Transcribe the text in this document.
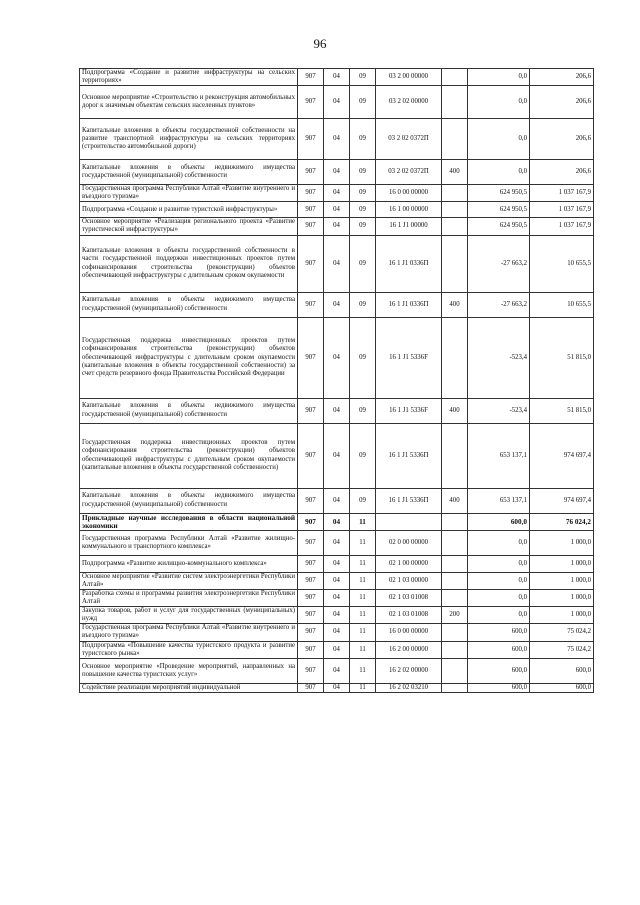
96
Подпрограмма «Создание и развитие инфраструктуры на сельских территориях»	907	04	09	03 2 00 00000		0,0	206,6
Основное мероприятие «Строительство и реконструкция автомобильных дорог к значимым объектам сельских населенных пунктов»	907	04	09	03 2 02 00000		0,0	206,6
Капитальные вложения в объекты государственной собственности на развитие транспортной инфраструктуры на сельских территориях (строительство автомобильной дороги)	907	04	09	03 2 02 0372П		0,0	206,6
Капитальные вложения в объекты недвижимого имущества государственной (муниципальной) собственности	907	04	09	03 2 02 0372П	400	0,0	206,6
Государственная программа Республики Алтай «Развитие внутреннего и въездного туризма»	907	04	09	16 0 00 00000		624 950,5	1 037 167,9
Подпрограмма «Создание и развитие туристской инфраструктуры»	907	04	09	16 1 00 00000		624 950,5	1 037 167,9
Основное мероприятие «Реализация регионального проекта «Развитие туристической инфраструктуры»	907	04	09	16 1 J1 00000		624 950,5	1 037 167,9
Капитальные вложения в объекты государственной собственности в части государственной поддержки инвестиционных проектов путем софинансирования строительства (реконструкции) объектов обеспечивающей инфраструктуры с длительным сроком окупаемости	907	04	09	16 1 J1 0336П		-27 663,2	10 655,5
Капитальные вложения в объекты недвижимого имущества государственной (муниципальной) собственности	907	04	09	16 1 J1 0336П	400	-27 663,2	10 655,5
Государственная поддержка инвестиционных проектов путем софинансирования строительства (реконструкции) объектов обеспечивающей инфраструктуры с длительным сроком окупаемости (капитальные вложения в объекты государственной собственности) за счет средств резервного фонда Правительства Российской Федерации	907	04	09	16 1 J1 5336F		-523,4	51 815,0
Капитальные вложения в объекты недвижимого имущества государственной (муниципальной) собственности	907	04	09	16 1 J1 5336F	400	-523,4	51 815,0
Государственная поддержка инвестиционных проектов путем софинансирования строительства (реконструкции) объектов обеспечивающей инфраструктуры с длительным сроком окупаемости (капитальные вложения в объекты государственной собственности)	907	04	09	16 1 J1 5336П		653 137,1	974 697,4
Капитальные вложения в объекты недвижимого имущества государственной (муниципальной) собственности	907	04	09	16 1 J1 5336П	400	653 137,1	974 697,4
Прикладные научные исследования в области национальной экономики	907	04	11			600,0	76 024,2
Государственная программа Республики Алтай «Развитие жилищно-коммунального и транспортного комплекса»	907	04	11	02 0 00 00000		0,0	1 000,0
Подпрограмма «Развитие жилищно-коммунального комплекса»	907	04	11	02 1 00 00000		0,0	1 000,0
Основное мероприятие «Развитие систем электроэнергетики Республики Алтай»	907	04	11	02 1 03 00000		0,0	1 000,0
Разработка схемы и программы развития электроэнергетики Республики Алтай	907	04	11	02 1 03 01008		0,0	1 000,0
Закупка товаров, работ и услуг для государственных (муниципальных) нужд	907	04	11	02 1 03 01008	200	0,0	1 000,0
Государственная программа Республики Алтай «Развитие внутреннего и въездного туризма»	907	04	11	16 0 00 00000		600,0	75 024,2
Подпрограмма «Повышение качества туристского продукта и развитие туристского рынка»	907	04	11	16 2 00 00000		600,0	75 024,2
Основное мероприятие «Проведение мероприятий, направленных на повышение качества туристских услуг»	907	04	11	16 2 02 00000		600,0	600,0
Содействие реализации мероприятий индивидуальной	907	04	11	16 2 02 03210		600,0	600,0
